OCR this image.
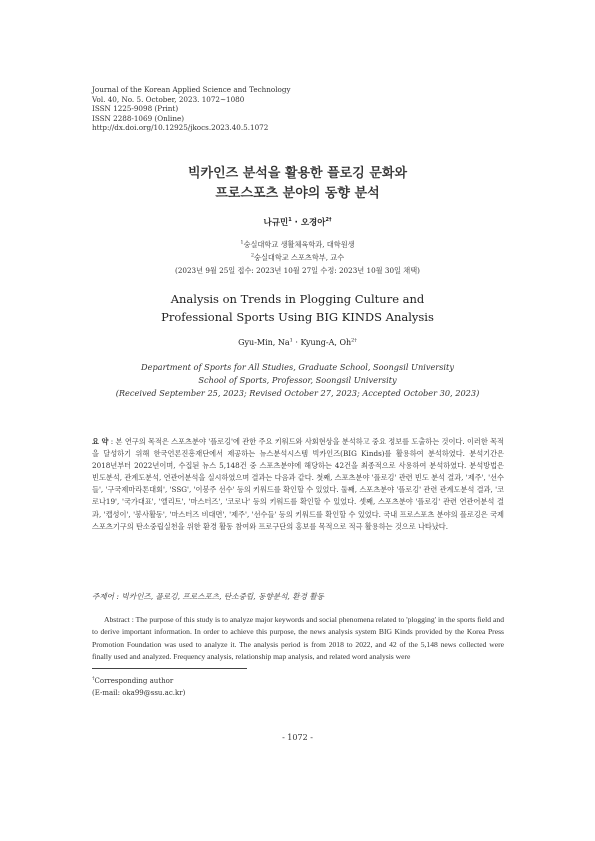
Journal of the Korean Applied Science and Technology
Vol. 40, No. 5. October, 2023. 1072~1080
ISSN 1225-9098 (Print)
ISSN 2288-1069 (Online)
http://dx.doi.org/10.12925/jkocs.2023.40.5.1072
빅카인즈 분석을 활용한 플로깅 문화와
프로스포츠 분야의 동향 분석
나규민$^1$ · 오경아$^{2\dagger}$
$^1$숭실대학교 생활체육학과, 대학원생
$^2$숭실대학교 스포츠학부, 교수
(2023년 9월 25일 접수: 2023년 10월 27일 수정: 2023년 10월 30일 채택)
Analysis on Trends in Plogging Culture and
Professional Sports Using BIG KINDS Analysis
Gyu-Min, $Na^1$ · Kyung-A, $Oh^{2\dagger}$
Department of Sports for All Studies, Graduate School, Soongsil University
School of Sports, Professor, Soongsil University
(Received September 25, 2023; Revised October 27, 2023; Accepted October 30, 2023)
요 약 : 본 연구의 목적은 스포츠분야 '플로깅'에 관한 주요 키워드와 사회현상을 분석하고 중요 정보를 도출하는 것이다. 이러한 목적을 달성하기 위해 한국언론진흥재단에서 제공하는 뉴스분석시스템 빅카인즈(BIG Kinds)를 활용하여 분석하였다. 분석기간은 2018년부터 2022년이며, 수집된 뉴스 5,148건 중 스포츠분야에 해당하는 42건을 최종적으로 사용하여 분석하였다. 분석방법은 빈도분석, 관계도분석, 연관어분석을 실시하였으며 결과는 다음과 같다. 첫째, 스포츠분야 '플로깅' 관련 빈도 분석 결과, '제주', '선수들', '구국제마라톤대회', 'SSG', '이봉주 선수' 등의 키워드를 확인할 수 있었다. 둘째, 스포츠분야 '플로깅' 관련 관계도분석 결과, '코로나19', '국가대표', '엘리트', '마스터즈', '코로나' 등의 키워드를 확인할 수 있었다. 셋째, 스포츠분야 '플로깅' 관련 연관어분석 결과, '캡성이', '봉사활동', '마스터즈 비대면', '제주', '선수들' 등의 키워드를 확인할 수 있었다. 국내 프로스포츠 분야의 플로깅은 국제 스포츠기구의 탄소중립실천을 위한 환경 활동 참여와 프로구단의 홍보를 목적으로 적극 활용하는 것으로 나타났다.
주제어 : 빅카인즈, 플로깅, 프로스포츠, 탄소중립, 동향분석, 환경 활동
Abstract : The purpose of this study is to analyze major keywords and social phenomena related to 'plogging' in the sports field and to derive important information. In order to achieve this purpose, the news analysis system BIG Kinds provided by the Korea Press Promotion Foundation was used to analyze it. The analysis period is from 2018 to 2022, and 42 of the 5,148 news collected were finally used and analyzed. Frequency analysis, relationship map analysis, and related word analysis were
†Corresponding author
(E-mail: oka99@ssu.ac.kr)
- 1072 -
